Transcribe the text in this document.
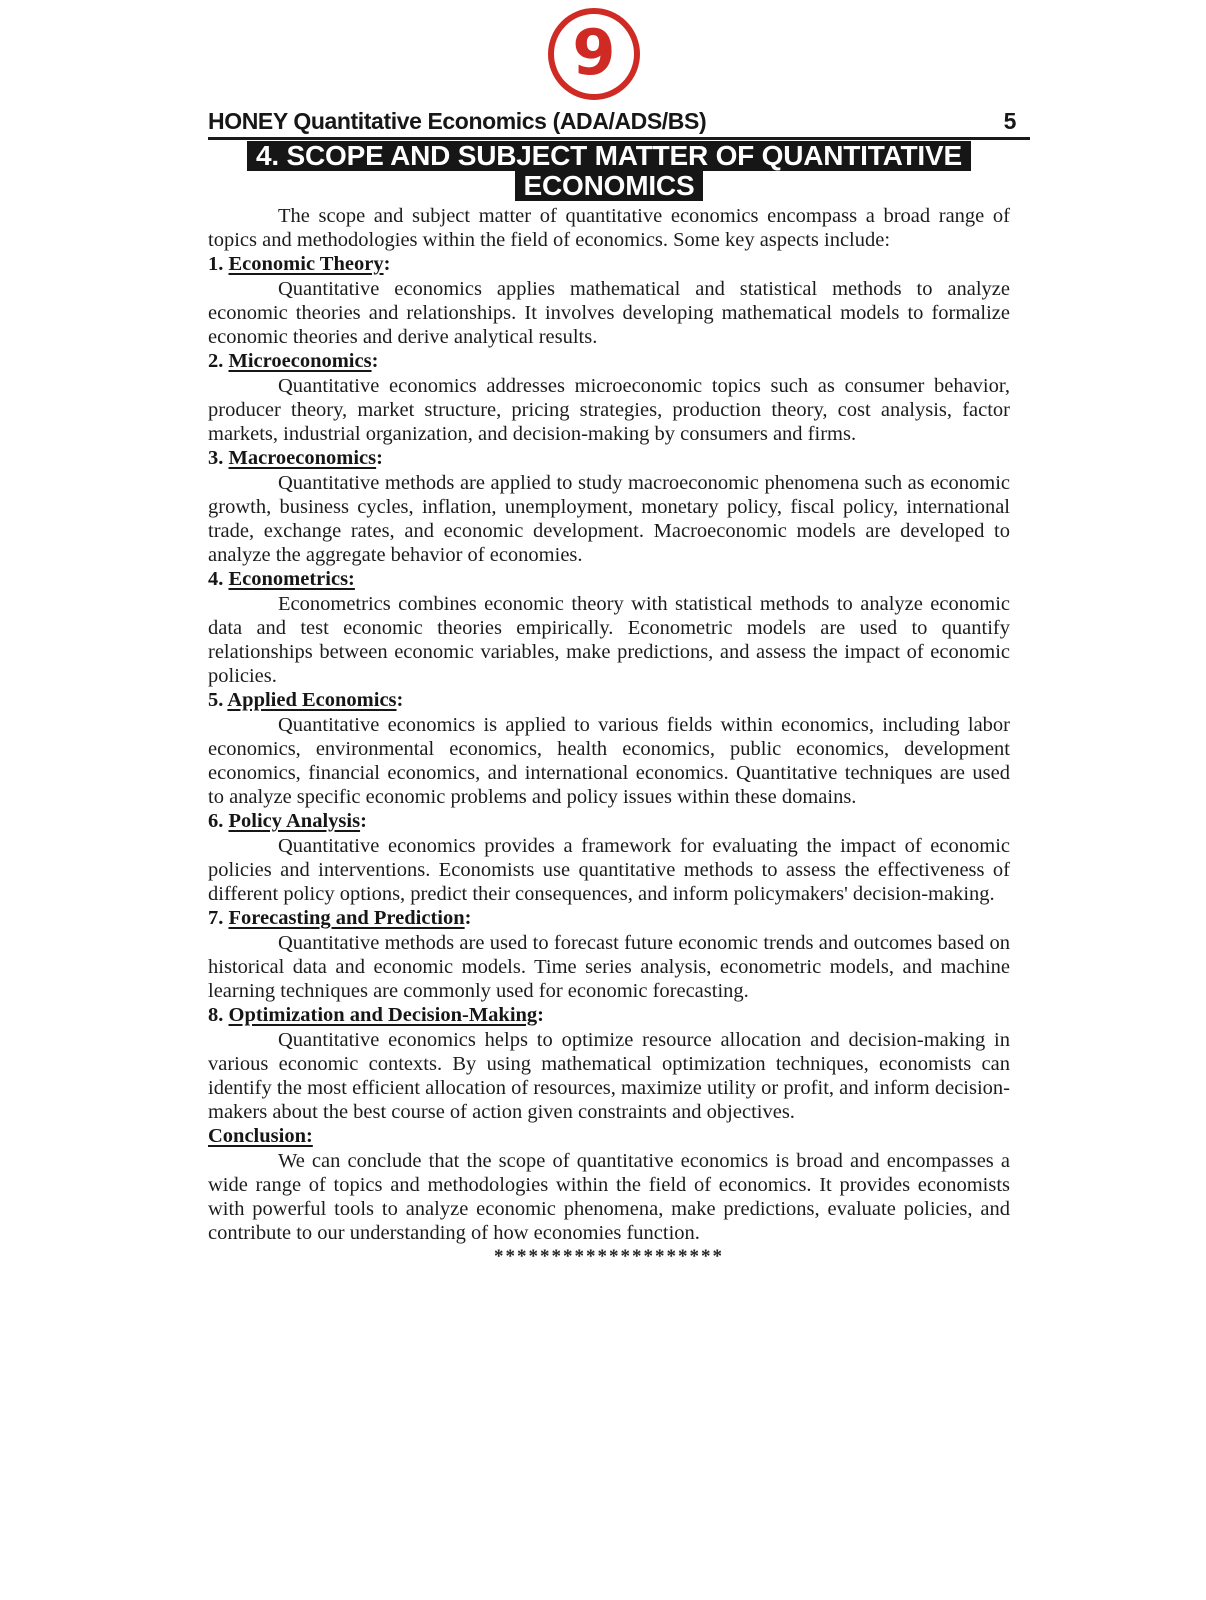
9
HONEY Quantitative Economics (ADA/ADS/BS)	5
4. SCOPE AND SUBJECT MATTER OF QUANTITATIVE
ECONOMICS

The scope and subject matter of quantitative economics encompass a broad range of topics and methodologies within the field of economics. Some key aspects include:

1. Economic Theory:

Quantitative economics applies mathematical and statistical methods to analyze economic theories and relationships. It involves developing mathematical models to formalize economic theories and derive analytical results.

2. Microeconomics:

Quantitative economics addresses microeconomic topics such as consumer behavior, producer theory, market structure, pricing strategies, production theory, cost analysis, factor markets, industrial organization, and decision-making by consumers and firms.

3. Macroeconomics:

Quantitative methods are applied to study macroeconomic phenomena such as economic growth, business cycles, inflation, unemployment, monetary policy, fiscal policy, international trade, exchange rates, and economic development. Macroeconomic models are developed to analyze the aggregate behavior of economies.

4. Econometrics:

Econometrics combines economic theory with statistical methods to analyze economic data and test economic theories empirically. Econometric models are used to quantify relationships between economic variables, make predictions, and assess the impact of economic policies.

5. Applied Economics:

Quantitative economics is applied to various fields within economics, including labor economics, environmental economics, health economics, public economics, development economics, financial economics, and international economics. Quantitative techniques are used to analyze specific economic problems and policy issues within these domains.

6. Policy Analysis:

Quantitative economics provides a framework for evaluating the impact of economic policies and interventions. Economists use quantitative methods to assess the effectiveness of different policy options, predict their consequences, and inform policymakers' decision-making.

7. Forecasting and Prediction:

Quantitative methods are used to forecast future economic trends and outcomes based on historical data and economic models. Time series analysis, econometric models, and machine learning techniques are commonly used for economic forecasting.

8. Optimization and Decision-Making:

Quantitative economics helps to optimize resource allocation and decision-making in various economic contexts. By using mathematical optimization techniques, economists can identify the most efficient allocation of resources, maximize utility or profit, and inform decision-makers about the best course of action given constraints and objectives.

Conclusion:

We can conclude that the scope of quantitative economics is broad and encompasses a wide range of topics and methodologies within the field of economics. It provides economists with powerful tools to analyze economic phenomena, make predictions, evaluate policies, and contribute to our understanding of how economies function.

********************
